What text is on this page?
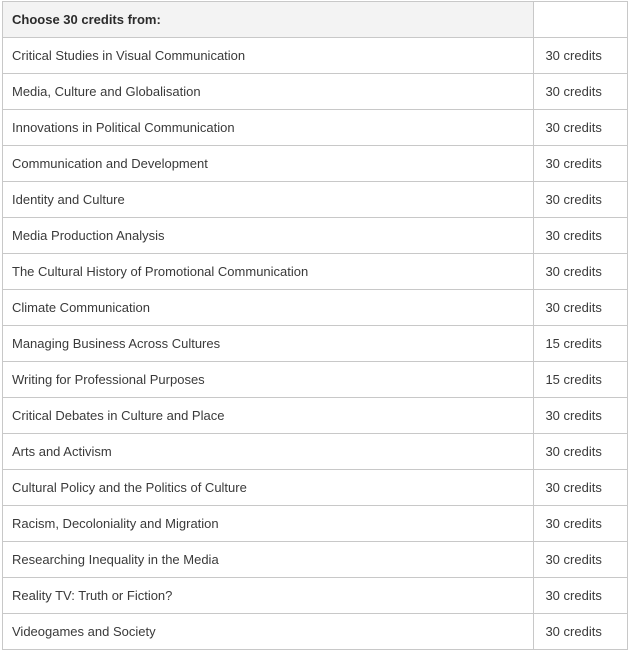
Choose 30 credits from:	
Critical Studies in Visual Communication	30 credits
Media, Culture and Globalisation	30 credits
Innovations in Political Communication	30 credits
Communication and Development	30 credits
Identity and Culture	30 credits
Media Production Analysis	30 credits
The Cultural History of Promotional Communication	30 credits
Climate Communication	30 credits
Managing Business Across Cultures	15 credits
Writing for Professional Purposes	15 credits
Critical Debates in Culture and Place	30 credits
Arts and Activism	30 credits
Cultural Policy and the Politics of Culture	30 credits
Racism, Decoloniality and Migration	30 credits
Researching Inequality in the Media	30 credits
Reality TV: Truth or Fiction?	30 credits
Videogames and Society	30 credits
